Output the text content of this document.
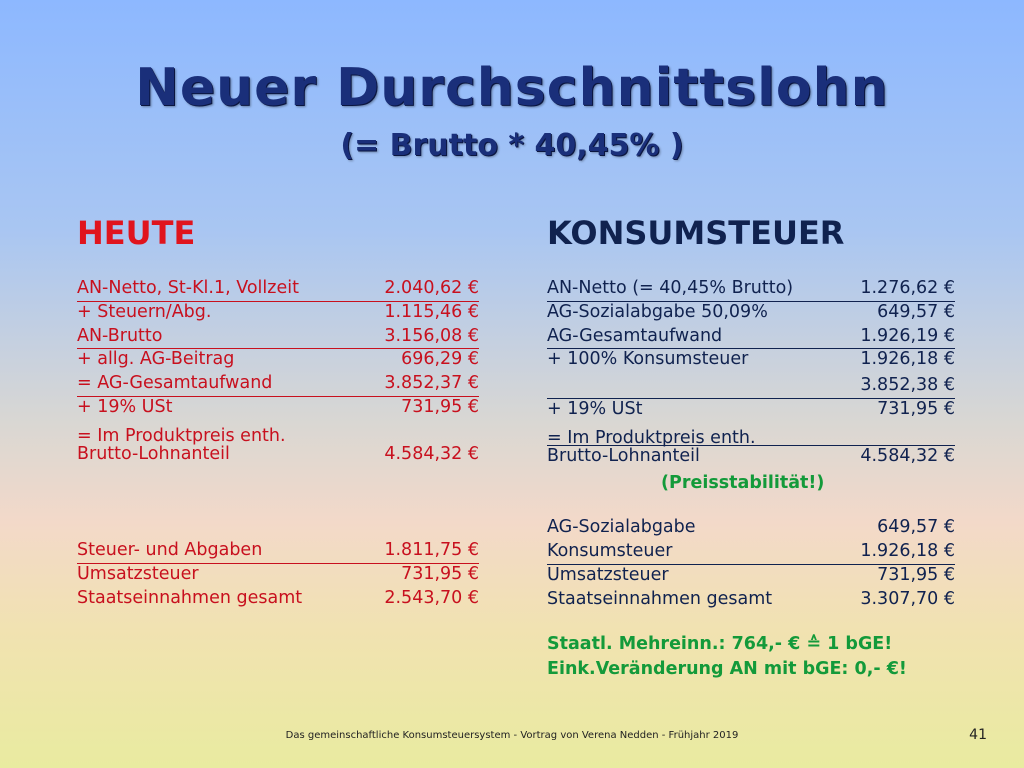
Neuer Durchschnittslohn
(= Brutto * 40,45% )
HEUTE	KONSUMSTEUER
AN-Netto, St-Kl.1, Vollzeit	2.040,62 €
+ Steuern/Abg.	1.115,46 €
AN-Brutto	3.156,08 €
+ allg. AG-Beitrag	696,29 €
= AG-Gesamtaufwand	3.852,37 €
+ 19% USt	731,95 €
= Im Produktpreis enth.
Brutto-Lohnanteil	4.584,32 €
Steuer- und Abgaben	1.811,75 €
Umsatzsteuer	731,95 €
Staatseinnahmen gesamt	2.543,70 €
AN-Netto (= 40,45% Brutto)	1.276,62 €
AG-Sozialabgabe 50,09%	649,57 €
AG-Gesamtaufwand	1.926,19 €
+ 100% Konsumsteuer	1.926,18 €
3.852,38 €
+ 19% USt	731,95 €
= Im Produktpreis enth.
Brutto-Lohnanteil	4.584,32 €
(Preisstabilität!)
AG-Sozialabgabe	649,57 €
Konsumsteuer	1.926,18 €
Umsatzsteuer	731,95 €
Staatseinnahmen gesamt	3.307,70 €
Staatl. Mehreinn.: 764,- € ≙ 1 bGE!
Eink.Veränderung AN mit bGE: 0,- €!
Das gemeinschaftliche Konsumsteuersystem - Vortrag von Verena Nedden - Frühjahr 2019	41
